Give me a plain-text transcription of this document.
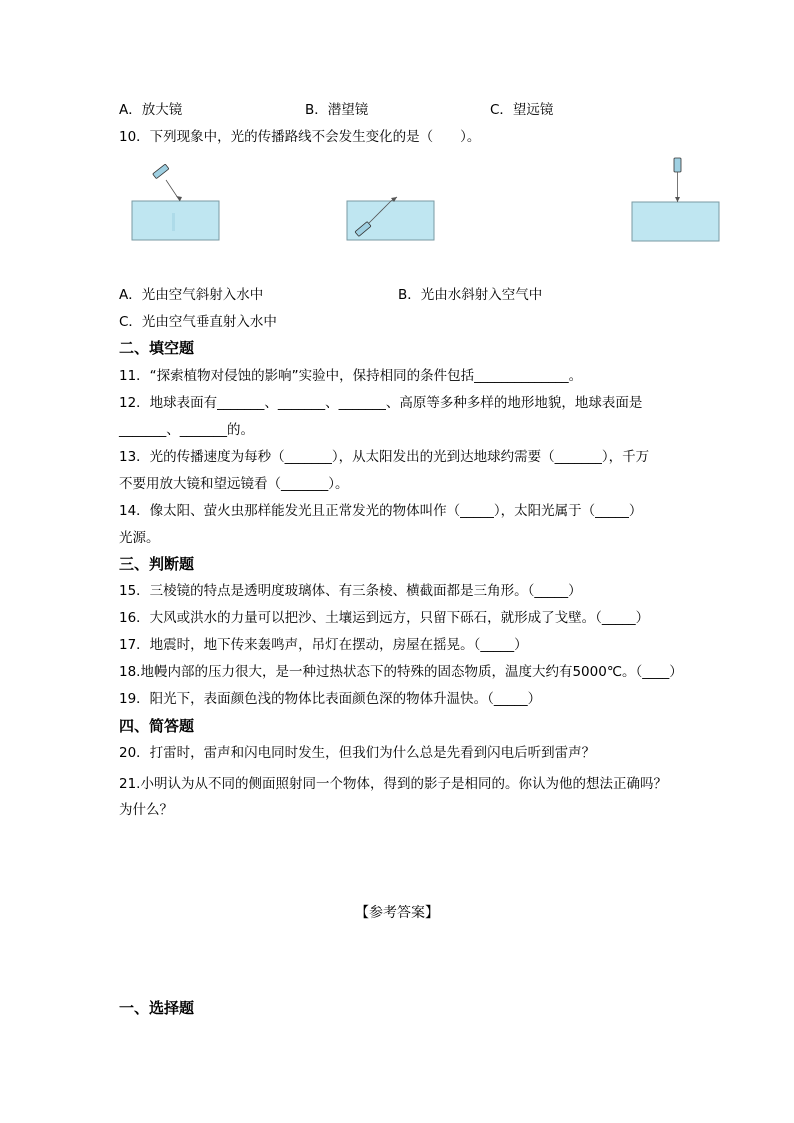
A．放大镜	B．潜望镜	C．望远镜
10．下列现象中，光的传播路线不会发生变化的是（　　）。
A．光由空气斜射入水中	B．光由水斜射入空气中
C．光由空气垂直射入水中
二、填空题
11．“探索植物对侵蚀的影响”实验中，保持相同的条件包括______________。
12．地球表面有_______、_______、_______、高原等多种多样的地形地貌，地球表面是
_______、_______的。
13．光的传播速度为每秒（_______），从太阳发出的光到达地球约需要（_______），千万
不要用放大镜和望远镜看（_______）。
14．像太阳、萤火虫那样能发光且正常发光的物体叫作（_____），太阳光属于（_____）
光源。
三、判断题
15．三棱镜的特点是透明度玻璃体、有三条棱、横截面都是三角形。（_____）
16．大风或洪水的力量可以把沙、土壤运到远方，只留下砾石，就形成了戈壁。（_____）
17．地震时，地下传来轰鸣声，吊灯在摆动，房屋在摇晃。（_____）
18.地幔内部的压力很大，是一种过热状态下的特殊的固态物质，温度大约有5000℃。（____）
19．阳光下，表面颜色浅的物体比表面颜色深的物体升温快。（_____）
四、简答题
20．打雷时，雷声和闪电同时发生，但我们为什么总是先看到闪电后听到雷声？
21.小明认为从不同的侧面照射同一个物体，得到的影子是相同的。你认为他的想法正确吗？
为什么？
【参考答案】
一、选择题
